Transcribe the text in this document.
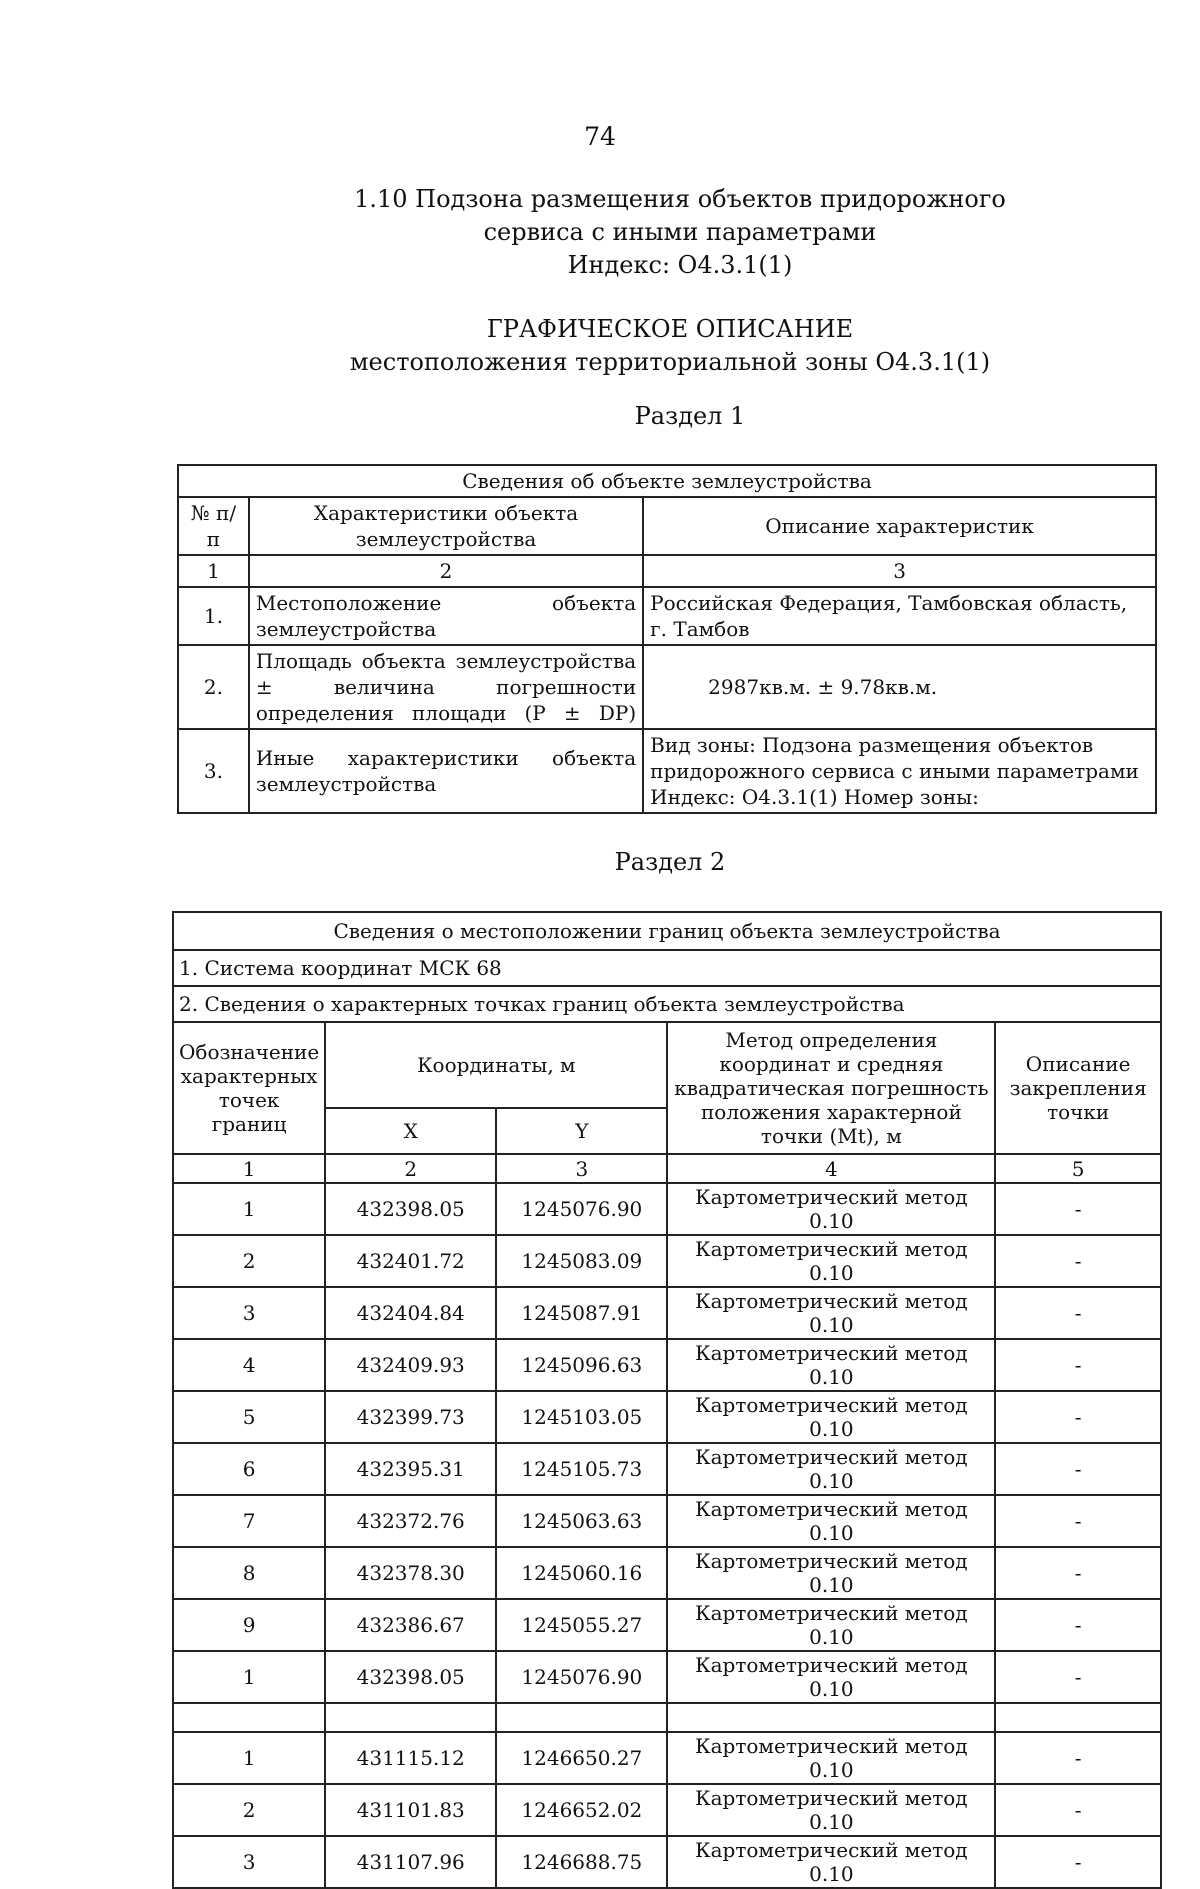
74
1.10 Подзона размещения объектов придорожного
сервиса с иными параметрами
Индекс: О4.3.1(1)
ГРАФИЧЕСКОЕ ОПИСАНИЕ
местоположения территориальной зоны О4.3.1(1)
Раздел 1
Сведения об объекте землеустройства		
№ п/п	Характеристики объекта землеустройства	Описание характеристик
1	2	3
1.	Местоположение объекта землеустройства	Российская Федерация, Тамбовская область, г. Тамбов
2.	Площадь объекта землеустройства ± величина погрешности определения площади (P ± DP)	2987кв.м. ± 9.78кв.м.
3.	Иные характеристики объекта землеустройства	Вид зоны: Подзона размещения объектов придорожного сервиса с иными параметрами Индекс: О4.3.1(1) Номер зоны:
Раздел 2
Сведения о местоположении границ объекта землеустройства				
1. Система координат МСК 68				
2. Сведения о характерных точках границ объекта землеустройства				
Обозначение характерных точек границ	Координаты, м		Метод определения координат и средняя квадратическая погрешность положения характерной точки (Mt), м	Описание закрепления точки
	X	Y		
1	2	3	4	5
1	432398.05	1245076.90	Картометрический метод 0.10	-
2	432401.72	1245083.09	Картометрический метод 0.10	-
3	432404.84	1245087.91	Картометрический метод 0.10	-
4	432409.93	1245096.63	Картометрический метод 0.10	-
5	432399.73	1245103.05	Картометрический метод 0.10	-
6	432395.31	1245105.73	Картометрический метод 0.10	-
7	432372.76	1245063.63	Картометрический метод 0.10	-
8	432378.30	1245060.16	Картометрический метод 0.10	-
9	432386.67	1245055.27	Картометрический метод 0.10	-
1	432398.05	1245076.90	Картометрический метод 0.10	-

1	431115.12	1246650.27	Картометрический метод 0.10	-
2	431101.83	1246652.02	Картометрический метод 0.10	-
3	431107.96	1246688.75	Картометрический метод 0.10	-
